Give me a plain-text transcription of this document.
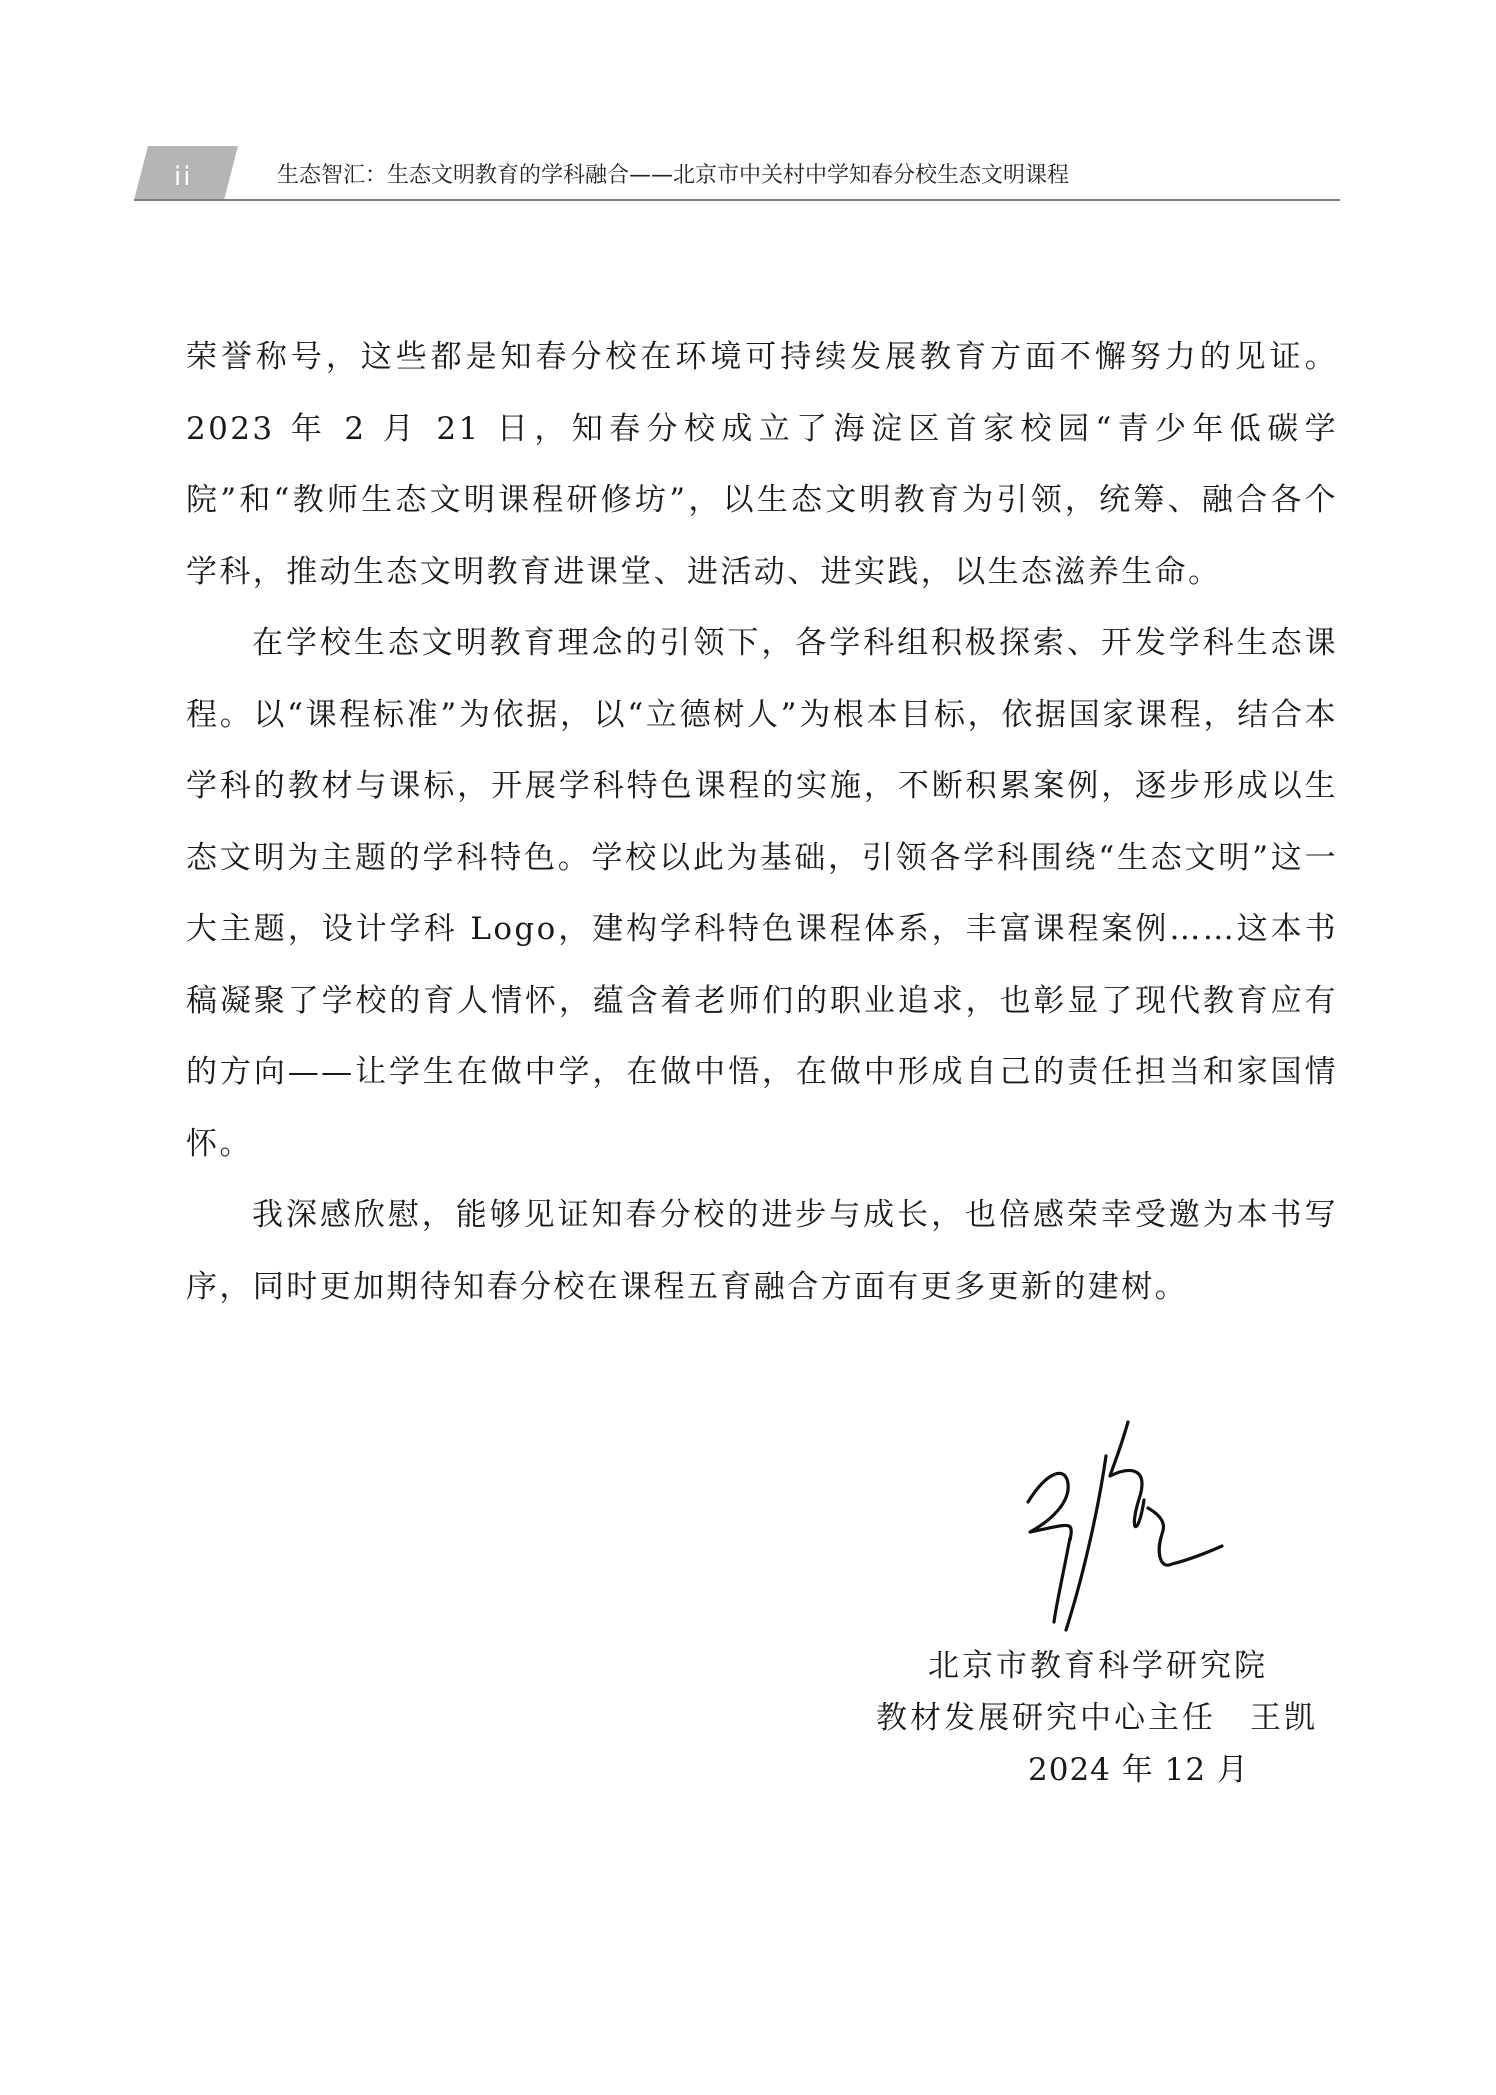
ii	生态智汇：生态文明教育的学科融合——北京市中关村中学知春分校生态文明课程

荣誉称号，这些都是知春分校在环境可持续发展教育方面不懈努力的见证。2023 年 2 月 21 日，知春分校成立了海淀区首家校园“青少年低碳学院”和“教师生态文明课程研修坊”，以生态文明教育为引领，统筹、融合各个学科，推动生态文明教育进课堂、进活动、进实践，以生态滋养生命。

在学校生态文明教育理念的引领下，各学科组积极探索、开发学科生态课程。以“课程标准”为依据，以“立德树人”为根本目标，依据国家课程，结合本学科的教材与课标，开展学科特色课程的实施，不断积累案例，逐步形成以生态文明为主题的学科特色。学校以此为基础，引领各学科围绕“生态文明”这一大主题，设计学科 Logo，建构学科特色课程体系，丰富课程案例……这本书稿凝聚了学校的育人情怀，蕴含着老师们的职业追求，也彰显了现代教育应有的方向——让学生在做中学，在做中悟，在做中形成自己的责任担当和家国情怀。

我深感欣慰，能够见证知春分校的进步与成长，也倍感荣幸受邀为本书写序，同时更加期待知春分校在课程五育融合方面有更多更新的建树。

北京市教育科学研究院
教材发展研究中心主任　王凯
2024 年 12 月
